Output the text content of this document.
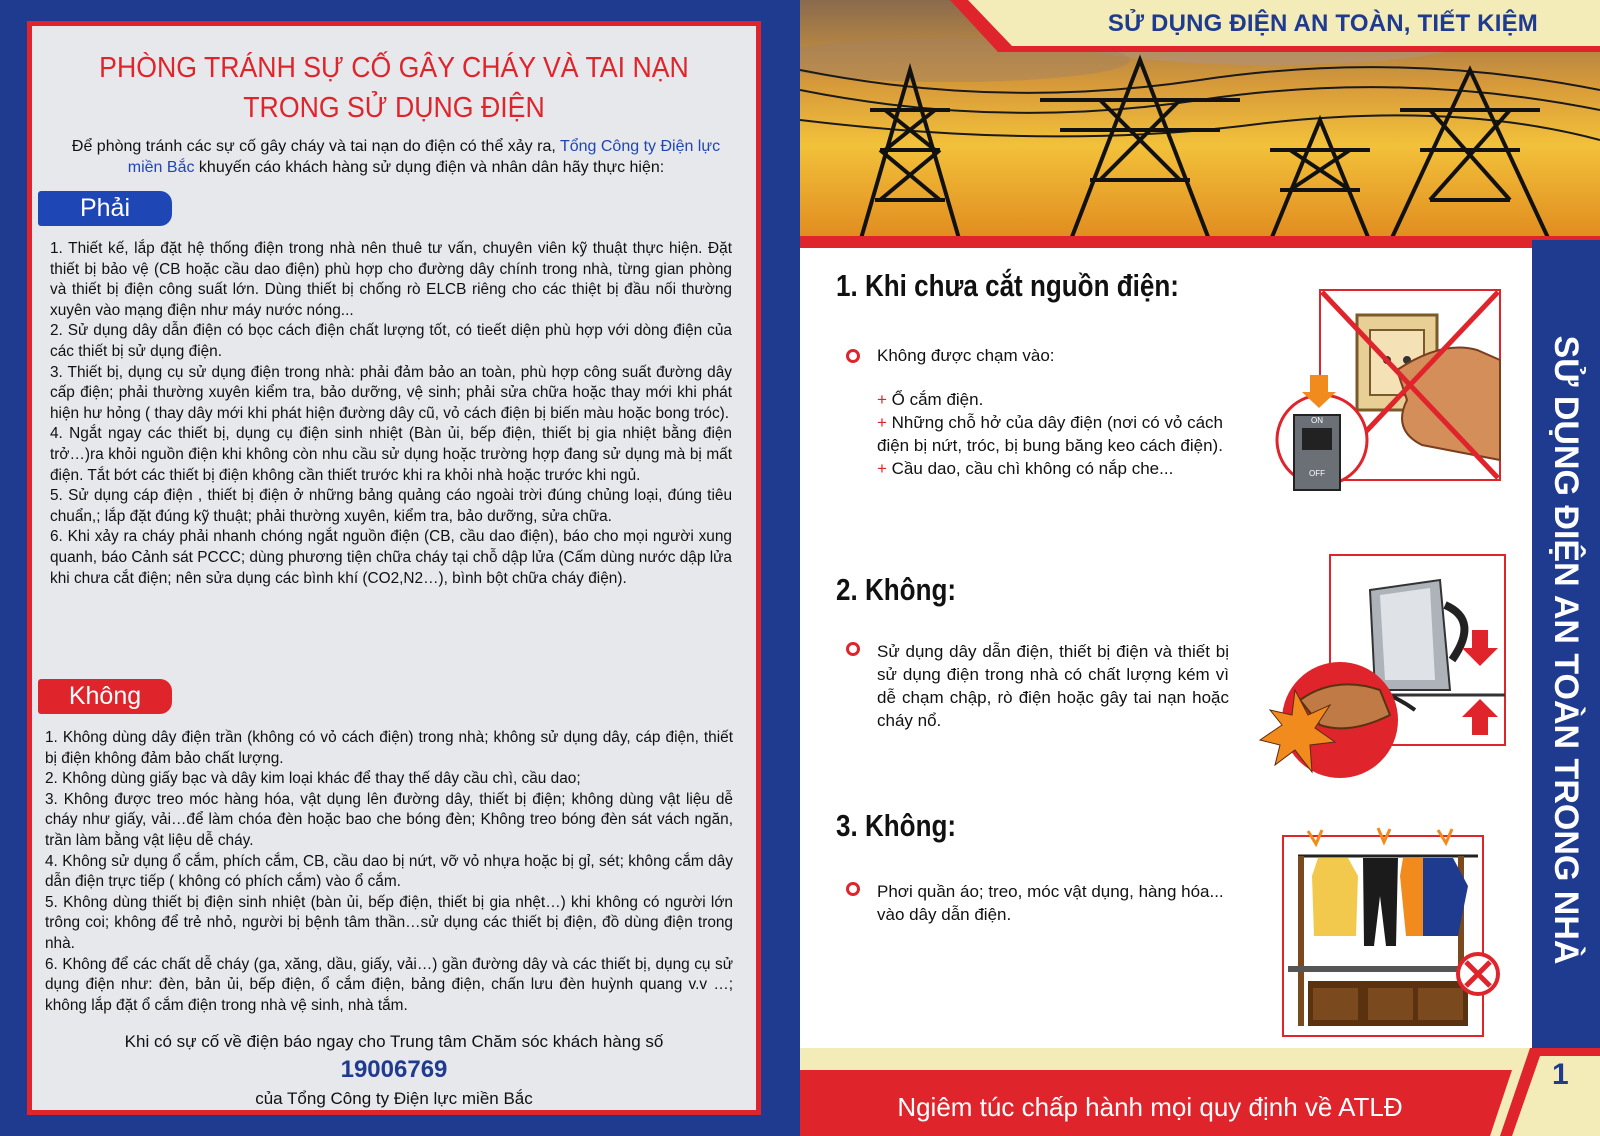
PHÒNG TRÁNH SỰ CỐ GÂY CHÁY VÀ TAI NẠN
TRONG SỬ DỤNG ĐIỆN
Để phòng tránh các sự cố gây cháy và tai nạn do điện có thể xảy ra, Tổng Công ty Điện lực miền Bắc khuyến cáo khách hàng sử dụng điện và nhân dân hãy thực hiện:
Phải
1. Thiết kế, lắp đặt hệ thống điện trong nhà nên thuê tư vấn, chuyên viên kỹ thuật thực hiện. Đặt thiết bị bảo vệ (CB hoặc cầu dao điện) phù hợp cho đường dây chính trong nhà, từng gian phòng và thiết bị điện công suất lớn. Dùng thiết bị chống rò ELCB riêng cho các thiệt bị đầu nối thường xuyên vào mạng điện như máy nước nóng...
2. Sử dụng dây dẫn điện có bọc cách điện chất lượng tốt, có tieết diện phù hợp với dòng điện của các thiết bị sử dụng điện.
3. Thiết bị, dụng cụ sử dụng điện trong nhà: phải đảm bảo an toàn, phù hợp công suất đường dây cấp điện; phải thường xuyên kiểm tra, bảo dưỡng, vệ sinh; phải sửa chữa hoặc thay mới khi phát hiện hư hỏng ( thay dây mới khi phát hiện đường dây cũ, vỏ cách điện bị biến màu hoặc bong tróc).
4. Ngắt ngay các thiết bị, dụng cụ điện sinh nhiệt (Bàn ủi, bếp điện, thiết bị gia nhiệt bằng điện trở…)ra khỏi nguồn điện khi không còn nhu cầu sử dụng hoặc trường hợp đang sử dụng mà bị mất điện. Tắt bớt các thiết bị điện không cần thiết trước khi ra khỏi nhà hoặc trước khi ngủ.
5. Sử dụng cáp điện , thiết bị điện ở những bảng quảng cáo ngoài trời đúng chủng loại, đúng tiêu chuẩn,; lắp đặt đúng kỹ thuật; phải thường xuyên, kiểm tra, bảo dưỡng, sửa chữa.
6. Khi xảy ra cháy phải nhanh chóng ngắt nguồn điện (CB, cầu dao điện), báo cho mọi người xung quanh, báo Cảnh sát PCCC; dùng phương tiện chữa cháy tại chỗ dập lửa (Cấm dùng nước dập lửa khi chưa cắt điện; nên sửa dụng các bình khí (CO2,N2…), bình bột chữa cháy điện).
Không
1. Không dùng dây điện trần (không có vỏ cách điện) trong nhà; không sử dụng dây, cáp điện, thiết bị điện không đảm bảo chất lượng.
2. Không dùng giấy bạc và dây kim loại khác để thay thế dây cầu chì, cầu dao;
3. Không được treo móc hàng hóa, vật dụng lên đường dây, thiết bị điện; không dùng vật liệu dễ cháy như giấy, vải…để làm chóa đèn hoặc bao che bóng đèn; Không treo bóng đèn sát vách ngăn, trần làm bằng vật liệu dễ cháy.
4. Không sử dụng ổ cắm, phích cắm, CB, cầu dao bị nứt, vỡ vỏ nhựa hoặc bị gỉ, sét; không cắm dây dẫn điện trực tiếp ( không có phích cắm) vào ổ cắm.
5. Không dùng thiết bị điện sinh nhiệt (bàn ủi, bếp điện, thiết bị gia nhệt…) khi không có người lớn trông coi; không để trẻ nhỏ, người bị bệnh tâm thần…sử dụng các thiết bị điện, đồ dùng điện trong nhà.
6. Không để các chất dễ cháy (ga, xăng, dầu, giấy, vải…) gần đường dây và các thiết bị, dụng cụ sử dụng điện như: đèn, bản ủi, bếp điện, ổ cắm điện, bảng điện, chấn lưu đèn huỳnh quang v.v …; không lắp đặt ổ cắm điện trong nhà vệ sinh, nhà tắm.
Khi có sự cố về điện báo ngay cho Trung tâm Chăm sóc khách hàng số
19006769
của Tổng Công ty Điện lực miền Bắc
SỬ DỤNG ĐIỆN AN TOÀN, TIẾT KIỆM
SỬ DỤNG ĐIỆN AN TOÀN TRONG NHÀ
1. Khi chưa cắt nguồn điện:
Không được chạm vào:
+ Ổ cắm điện.
+ Những chỗ hở của dây điện (nơi có vỏ cách điện bị nứt, tróc, bị bung băng keo cách điện).
+ Cầu dao, cầu chì không có nắp che...
ON
OFF
2. Không:
Sử dụng dây dẫn điện, thiết bị điện và thiết bị sử dụng điện trong nhà có chất lượng kém vì dễ chạm chập, rò điện hoặc gây tai nạn hoặc cháy nổ.
3. Không:
Phơi quần áo; treo, móc vật dụng, hàng hóa... vào dây dẫn điện.
Ngiêm túc chấp hành mọi quy định về ATLĐ
1
